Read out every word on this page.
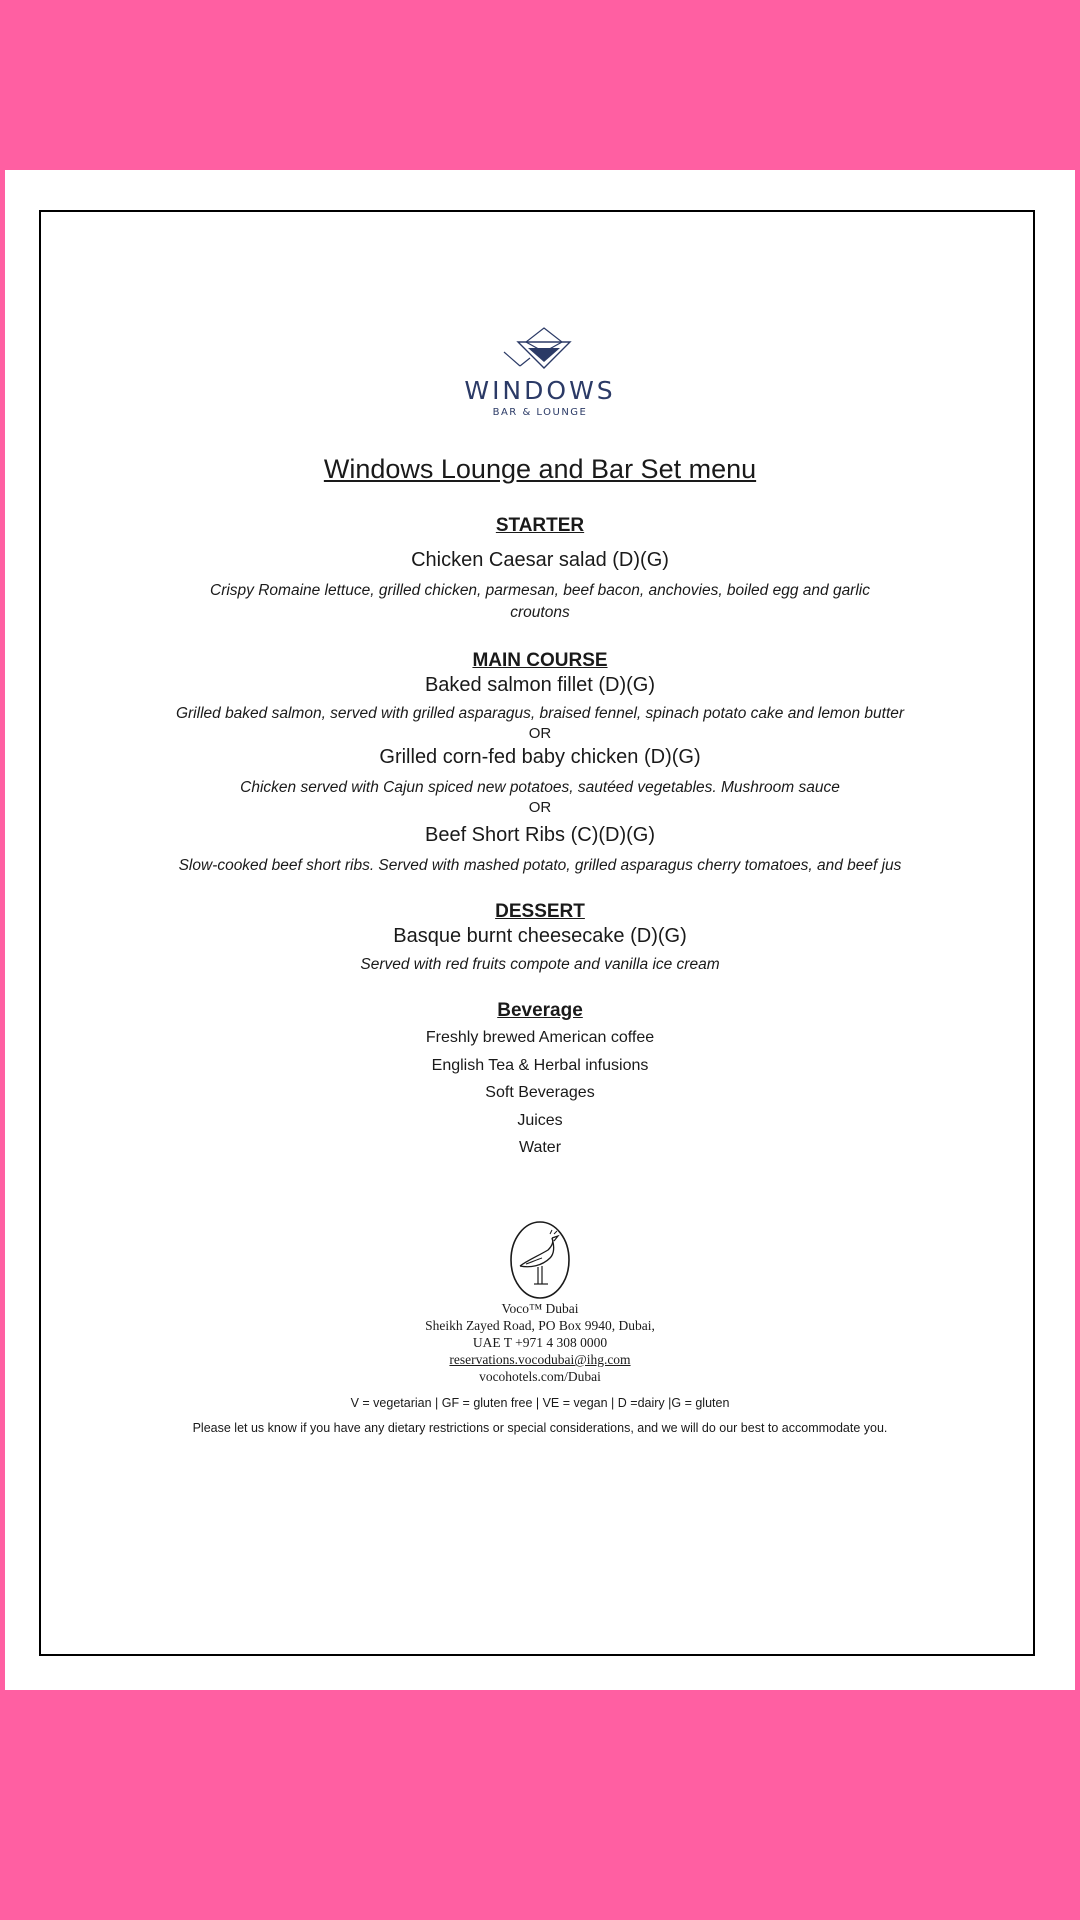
WINDOWS
BAR & LOUNGE
Windows Lounge and Bar Set menu

STARTER

Chicken Caesar salad (D)(G)

Crispy Romaine lettuce, grilled chicken, parmesan, beef bacon, anchovies, boiled egg and garlic croutons

MAIN COURSE

Baked salmon fillet (D)(G)

Grilled baked salmon, served with grilled asparagus, braised fennel, spinach potato cake and lemon butter

OR

Grilled corn-fed baby chicken (D)(G)

Chicken served with Cajun spiced new potatoes, sautéed vegetables. Mushroom sauce

OR

Beef Short Ribs (C)(D)(G)

Slow-cooked beef short ribs. Served with mashed potato, grilled asparagus cherry tomatoes, and beef jus

DESSERT

Basque burnt cheesecake (D)(G)

Served with red fruits compote and vanilla ice cream

Beverage

Freshly brewed American coffee

English Tea & Herbal infusions

Soft Beverages

Juices

Water

Voco™ Dubai
Sheikh Zayed Road, PO Box 9940, Dubai,
UAE T +971 4 308 0000
reservations.vocodubai@ihg.com
vocohotels.com/Dubai
V = vegetarian | GF = gluten free | VE = vegan | D =dairy |G = gluten
Please let us know if you have any dietary restrictions or special considerations, and we will do our best to accommodate you.
